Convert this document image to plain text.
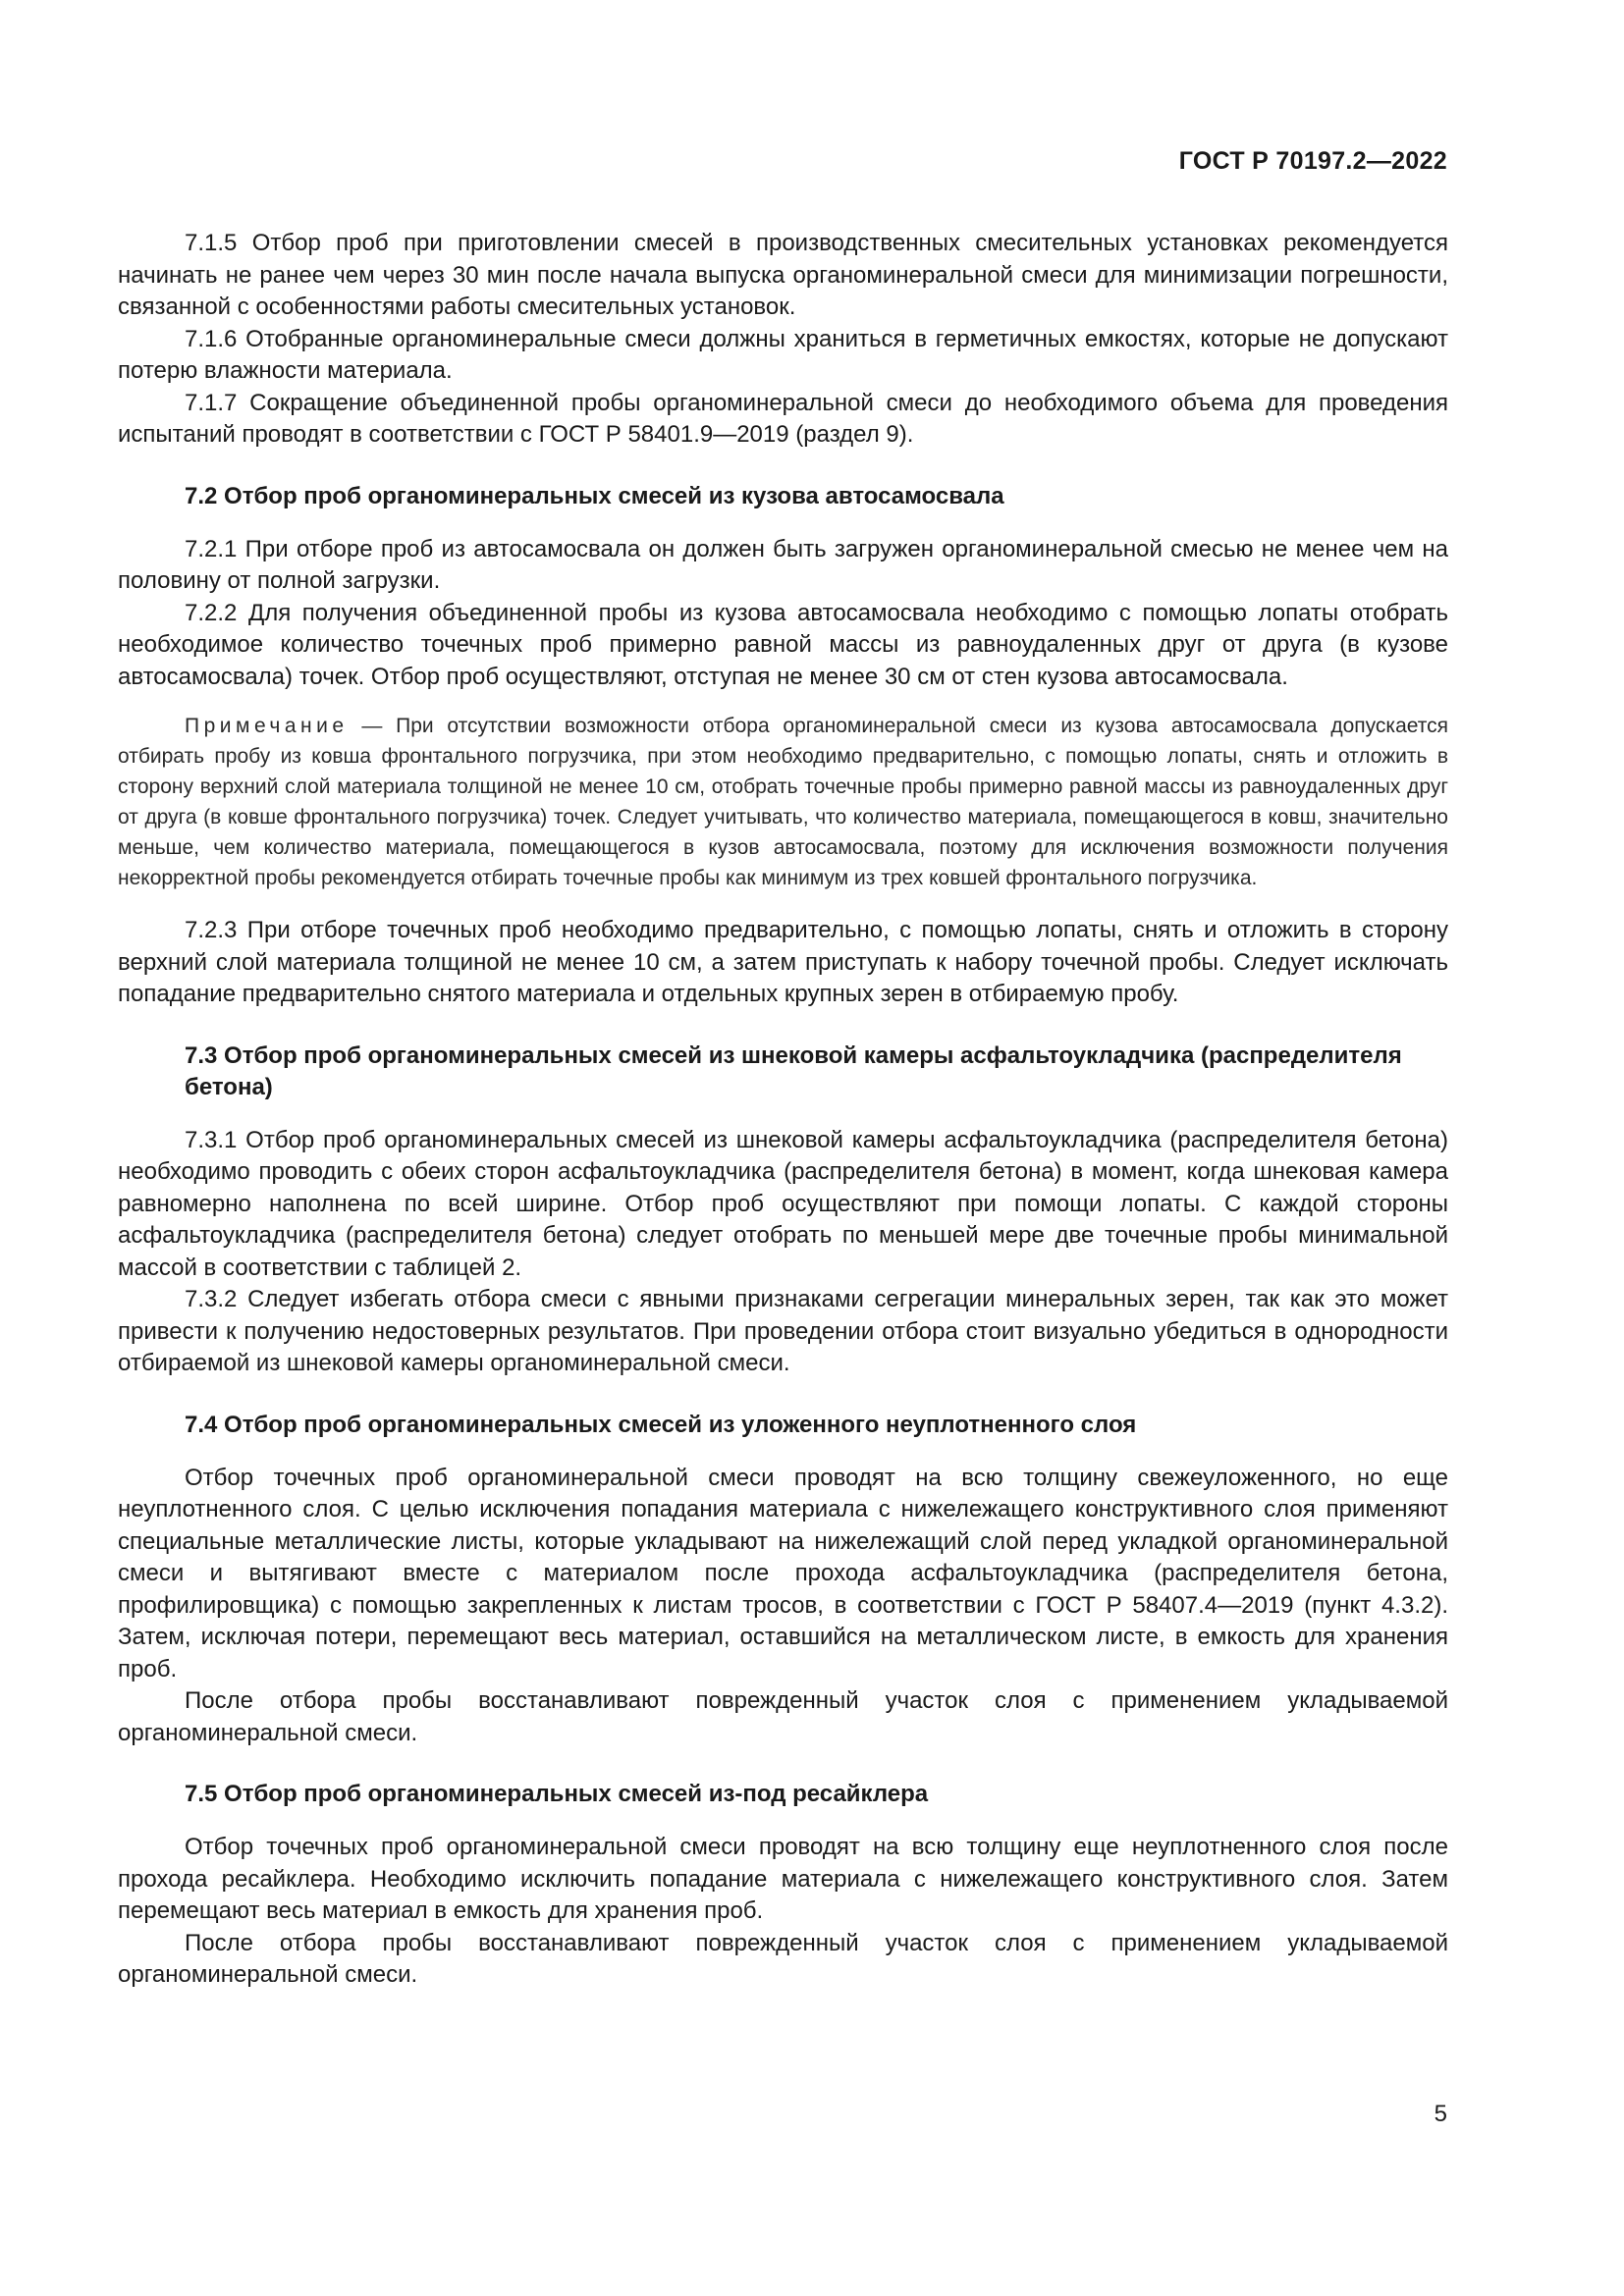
ГОСТ Р 70197.2—2022

7.1.5 Отбор проб при приготовлении смесей в производственных смесительных установках рекомендуется начинать не ранее чем через 30 мин после начала выпуска органоминеральной смеси для минимизации погрешности, связанной с особенностями работы смесительных установок.

7.1.6 Отобранные органоминеральные смеси должны храниться в герметичных емкостях, которые не допускают потерю влажности материала.

7.1.7 Сокращение объединенной пробы органоминеральной смеси до необходимого объема для проведения испытаний проводят в соответствии с ГОСТ Р 58401.9—2019 (раздел 9).

7.2 Отбор проб органоминеральных смесей из кузова автосамосвала

7.2.1 При отборе проб из автосамосвала он должен быть загружен органоминеральной смесью не менее чем на половину от полной загрузки.

7.2.2 Для получения объединенной пробы из кузова автосамосвала необходимо с помощью лопаты отобрать необходимое количество точечных проб примерно равной массы из равноудаленных друг от друга (в кузове автосамосвала) точек. Отбор проб осуществляют, отступая не менее 30 см от стен кузова автосамосвала.

Примечание — При отсутствии возможности отбора органоминеральной смеси из кузова автосамосвала допускается отбирать пробу из ковша фронтального погрузчика, при этом необходимо предварительно, с помощью лопаты, снять и отложить в сторону верхний слой материала толщиной не менее 10 см, отобрать точечные пробы примерно равной массы из равноудаленных друг от друга (в ковше фронтального погрузчика) точек. Следует учитывать, что количество материала, помещающегося в ковш, значительно меньше, чем количество материала, помещающегося в кузов автосамосвала, поэтому для исключения возможности получения некорректной пробы рекомендуется отбирать точечные пробы как минимум из трех ковшей фронтального погрузчика.

7.2.3 При отборе точечных проб необходимо предварительно, с помощью лопаты, снять и отложить в сторону верхний слой материала толщиной не менее 10 см, а затем приступать к набору точечной пробы. Следует исключать попадание предварительно снятого материала и отдельных крупных зерен в отбираемую пробу.

7.3 Отбор проб органоминеральных смесей из шнековой камеры асфальтоукладчика (распределителя бетона)

7.3.1 Отбор проб органоминеральных смесей из шнековой камеры асфальтоукладчика (распределителя бетона) необходимо проводить с обеих сторон асфальтоукладчика (распределителя бетона) в момент, когда шнековая камера равномерно наполнена по всей ширине. Отбор проб осуществляют при помощи лопаты. С каждой стороны асфальтоукладчика (распределителя бетона) следует отобрать по меньшей мере две точечные пробы минимальной массой в соответствии с таблицей 2.

7.3.2 Следует избегать отбора смеси с явными признаками сегрегации минеральных зерен, так как это может привести к получению недостоверных результатов. При проведении отбора стоит визуально убедиться в однородности отбираемой из шнековой камеры органоминеральной смеси.

7.4 Отбор проб органоминеральных смесей из уложенного неуплотненного слоя

Отбор точечных проб органоминеральной смеси проводят на всю толщину свежеуложенного, но еще неуплотненного слоя. С целью исключения попадания материала с нижележащего конструктивного слоя применяют специальные металлические листы, которые укладывают на нижележащий слой перед укладкой органоминеральной смеси и вытягивают вместе с материалом после прохода асфальтоукладчика (распределителя бетона, профилировщика) с помощью закрепленных к листам тросов, в соответствии с ГОСТ Р 58407.4—2019 (пункт 4.3.2). Затем, исключая потери, перемещают весь материал, оставшийся на металлическом листе, в емкость для хранения проб.

После отбора пробы восстанавливают поврежденный участок слоя с применением укладываемой органоминеральной смеси.

7.5 Отбор проб органоминеральных смесей из-под ресайклера

Отбор точечных проб органоминеральной смеси проводят на всю толщину еще неуплотненного слоя после прохода ресайклера. Необходимо исключить попадание материала с нижележащего конструктивного слоя. Затем перемещают весь материал в емкость для хранения проб.

После отбора пробы восстанавливают поврежденный участок слоя с применением укладываемой органоминеральной смеси.

5
